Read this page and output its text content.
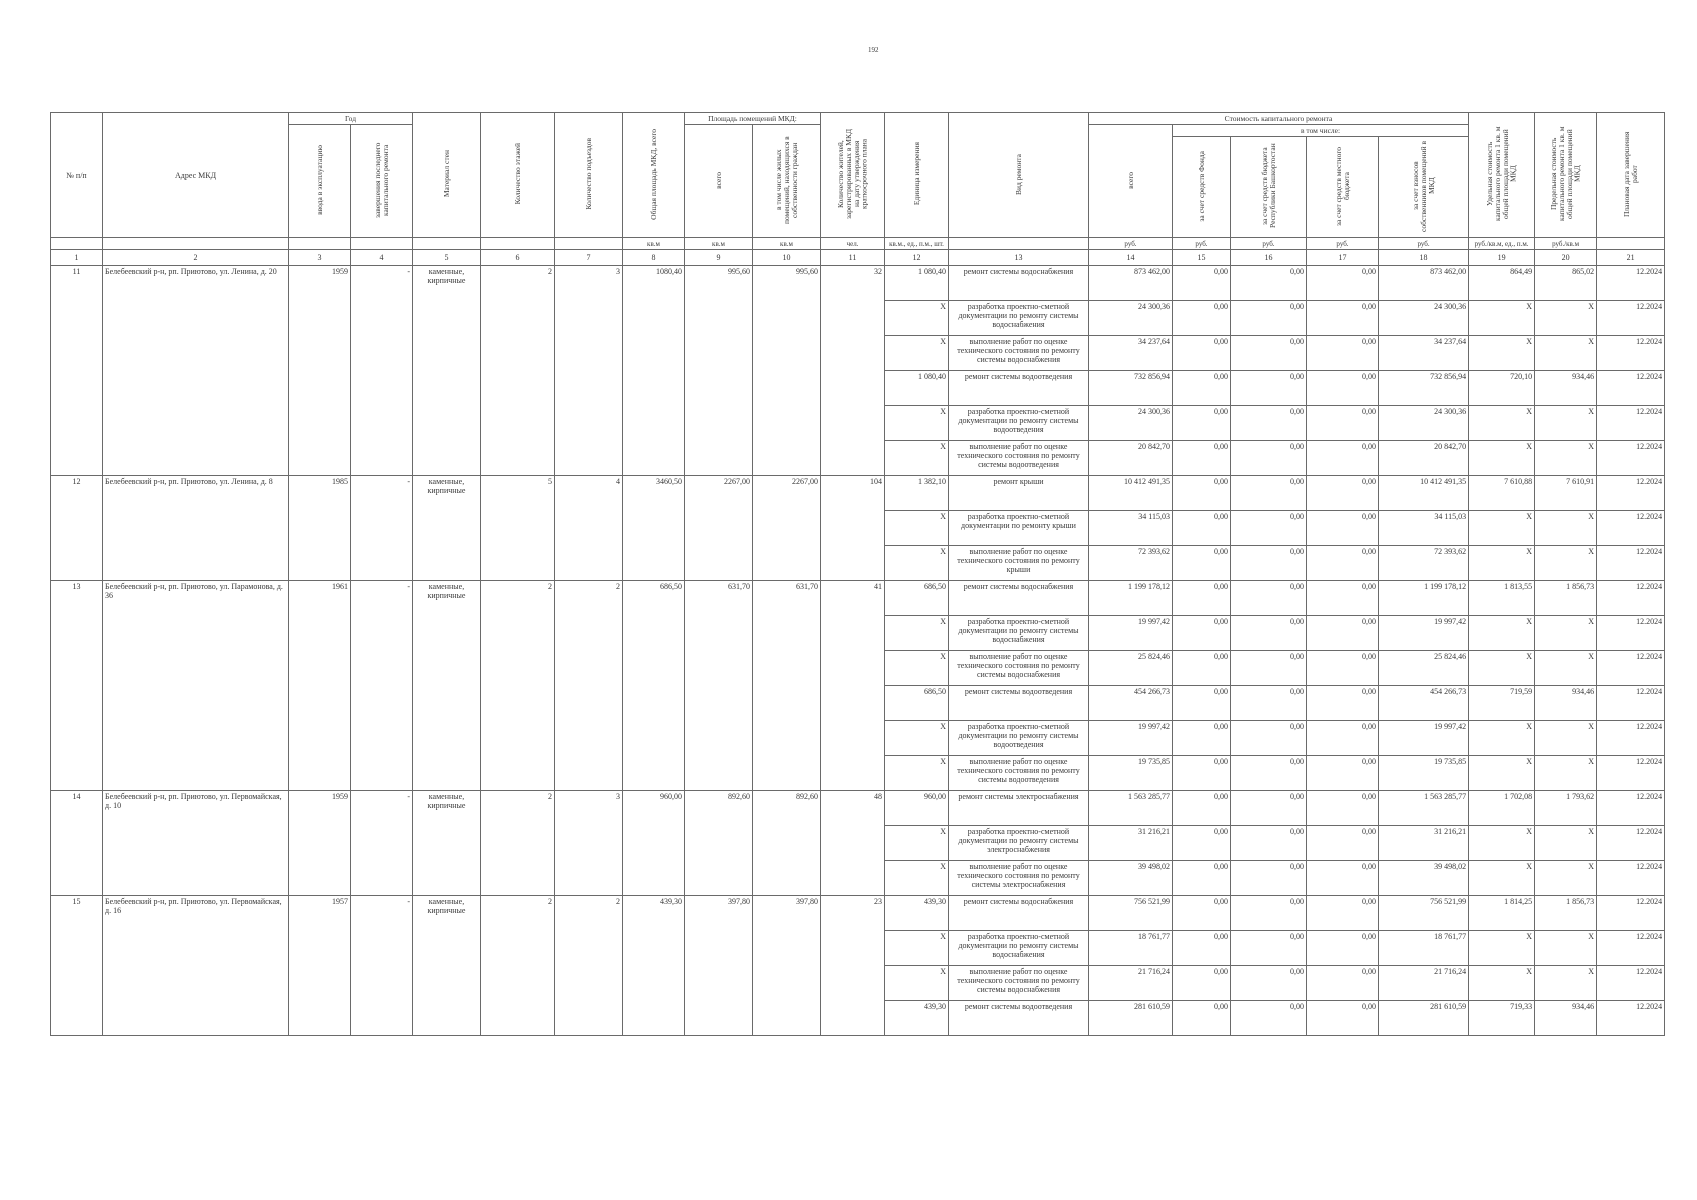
192
№ п/п	Адрес МКД	Год		Материал стен	Количество этажей	Количество подъездов	Общая площадь МКД, всего	Площадь помещений МКД:		Количество жителей, зарегистрированных в МКД на дату утверждения краткосрочного плана	Единица измерения	Вид ремонта	Стоимость капитального ремонта					Удельная стоимость капитального ремонта 1 кв. м общей площади помещений МКД	Предельная стоимость капитального ремонта 1 кв. м общей площади помещений МКД	Плановая дата завершения работ
		ввода в эксплуатацию	завершения последнего капитального ремонта					всего	в том числе жилых помещений, находящихся в собственности граждан				всего	в том числе:						
														за счет средств Фонда	за счет средств бюджета Республики Башкортостан	за счет средств местного бюджета	за счет взносов собственников помещений в МКД			
							кв.м	кв.м	кв.м	чел.	кв.м., ед., п.м., шт.		руб.	руб.	руб.	руб.	руб.	руб./кв.м, ед., п.м.	руб./кв.м	
1	2	3	4	5	6	7	8	9	10	11	12	13	14	15	16	17	18	19	20	21
11	Белебеевский р-н, рп. Приютово, ул. Ленина, д. 20	1959	-	каменные, кирпичные	2	3	1080,40	995,60	995,60	32	1 080,40	ремонт системы водоснабжения	873 462,00	0,00	0,00	0,00	873 462,00	864,49	865,02	12.2024
											X	разработка проектно-сметной документации по ремонту системы водоснабжения	24 300,36	0,00	0,00	0,00	24 300,36	X	X	12.2024
											X	выполнение работ по оценке технического состояния по ремонту системы водоснабжения	34 237,64	0,00	0,00	0,00	34 237,64	X	X	12.2024
											1 080,40	ремонт системы водоотведения	732 856,94	0,00	0,00	0,00	732 856,94	720,10	934,46	12.2024
											X	разработка проектно-сметной документации по ремонту системы водоотведения	24 300,36	0,00	0,00	0,00	24 300,36	X	X	12.2024
											X	выполнение работ по оценке технического состояния по ремонту системы водоотведения	20 842,70	0,00	0,00	0,00	20 842,70	X	X	12.2024
12	Белебеевский р-н, рп. Приютово, ул. Ленина, д. 8	1985	-	каменные, кирпичные	5	4	3460,50	2267,00	2267,00	104	1 382,10	ремонт крыши	10 412 491,35	0,00	0,00	0,00	10 412 491,35	7 610,88	7 610,91	12.2024
											X	разработка проектно-сметной документации по ремонту крыши	34 115,03	0,00	0,00	0,00	34 115,03	X	X	12.2024
											X	выполнение работ по оценке технического состояния по ремонту крыши	72 393,62	0,00	0,00	0,00	72 393,62	X	X	12.2024
13	Белебеевский р-н, рп. Приютово, ул. Парамонова, д. 36	1961	-	каменные, кирпичные	2	2	686,50	631,70	631,70	41	686,50	ремонт системы водоснабжения	1 199 178,12	0,00	0,00	0,00	1 199 178,12	1 813,55	1 856,73	12.2024
											X	разработка проектно-сметной документации по ремонту системы водоснабжения	19 997,42	0,00	0,00	0,00	19 997,42	X	X	12.2024
											X	выполнение работ по оценке технического состояния по ремонту системы водоснабжения	25 824,46	0,00	0,00	0,00	25 824,46	X	X	12.2024
											686,50	ремонт системы водоотведения	454 266,73	0,00	0,00	0,00	454 266,73	719,59	934,46	12.2024
											X	разработка проектно-сметной документации по ремонту системы водоотведения	19 997,42	0,00	0,00	0,00	19 997,42	X	X	12.2024
											X	выполнение работ по оценке технического состояния по ремонту системы водоотведения	19 735,85	0,00	0,00	0,00	19 735,85	X	X	12.2024
14	Белебеевский р-н, рп. Приютово, ул. Первомайская, д. 10	1959	-	каменные, кирпичные	2	3	960,00	892,60	892,60	48	960,00	ремонт системы электроснабжения	1 563 285,77	0,00	0,00	0,00	1 563 285,77	1 702,08	1 793,62	12.2024
											X	разработка проектно-сметной документации по ремонту системы электроснабжения	31 216,21	0,00	0,00	0,00	31 216,21	X	X	12.2024
											X	выполнение работ по оценке технического состояния по ремонту системы электроснабжения	39 498,02	0,00	0,00	0,00	39 498,02	X	X	12.2024
15	Белебеевский р-н, рп. Приютово, ул. Первомайская, д. 16	1957	-	каменные, кирпичные	2	2	439,30	397,80	397,80	23	439,30	ремонт системы водоснабжения	756 521,99	0,00	0,00	0,00	756 521,99	1 814,25	1 856,73	12.2024
											X	разработка проектно-сметной документации по ремонту системы водоснабжения	18 761,77	0,00	0,00	0,00	18 761,77	X	X	12.2024
											X	выполнение работ по оценке технического состояния по ремонту системы водоснабжения	21 716,24	0,00	0,00	0,00	21 716,24	X	X	12.2024
											439,30	ремонт системы водоотведения	281 610,59	0,00	0,00	0,00	281 610,59	719,33	934,46	12.2024
